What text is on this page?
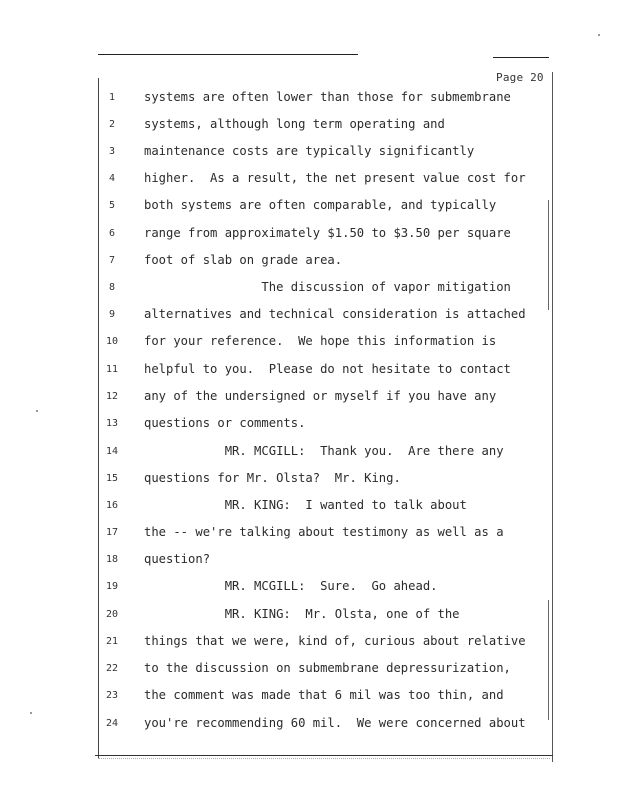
Page 20
1	systems are often lower than those for submembrane
2	systems, although long term operating and
3	maintenance costs are typically significantly
4	higher.  As a result, the net present value cost for
5	both systems are often comparable, and typically
6	range from approximately $1.50 to $3.50 per square
7	foot of slab on grade area.
8	The discussion of vapor mitigation
9	alternatives and technical consideration is attached
10	for your reference.  We hope this information is
11	helpful to you.  Please do not hesitate to contact
12	any of the undersigned or myself if you have any
13	questions or comments.
14	MR. MCGILL:  Thank you.  Are there any
15	questions for Mr. Olsta?  Mr. King.
16	MR. KING:  I wanted to talk about
17	the -- we're talking about testimony as well as a
18	question?
19	MR. MCGILL:  Sure.  Go ahead.
20	MR. KING:  Mr. Olsta, one of the
21	things that we were, kind of, curious about relative
22	to the discussion on submembrane depressurization,
23	the comment was made that 6 mil was too thin, and
24	you're recommending 60 mil.  We were concerned about
